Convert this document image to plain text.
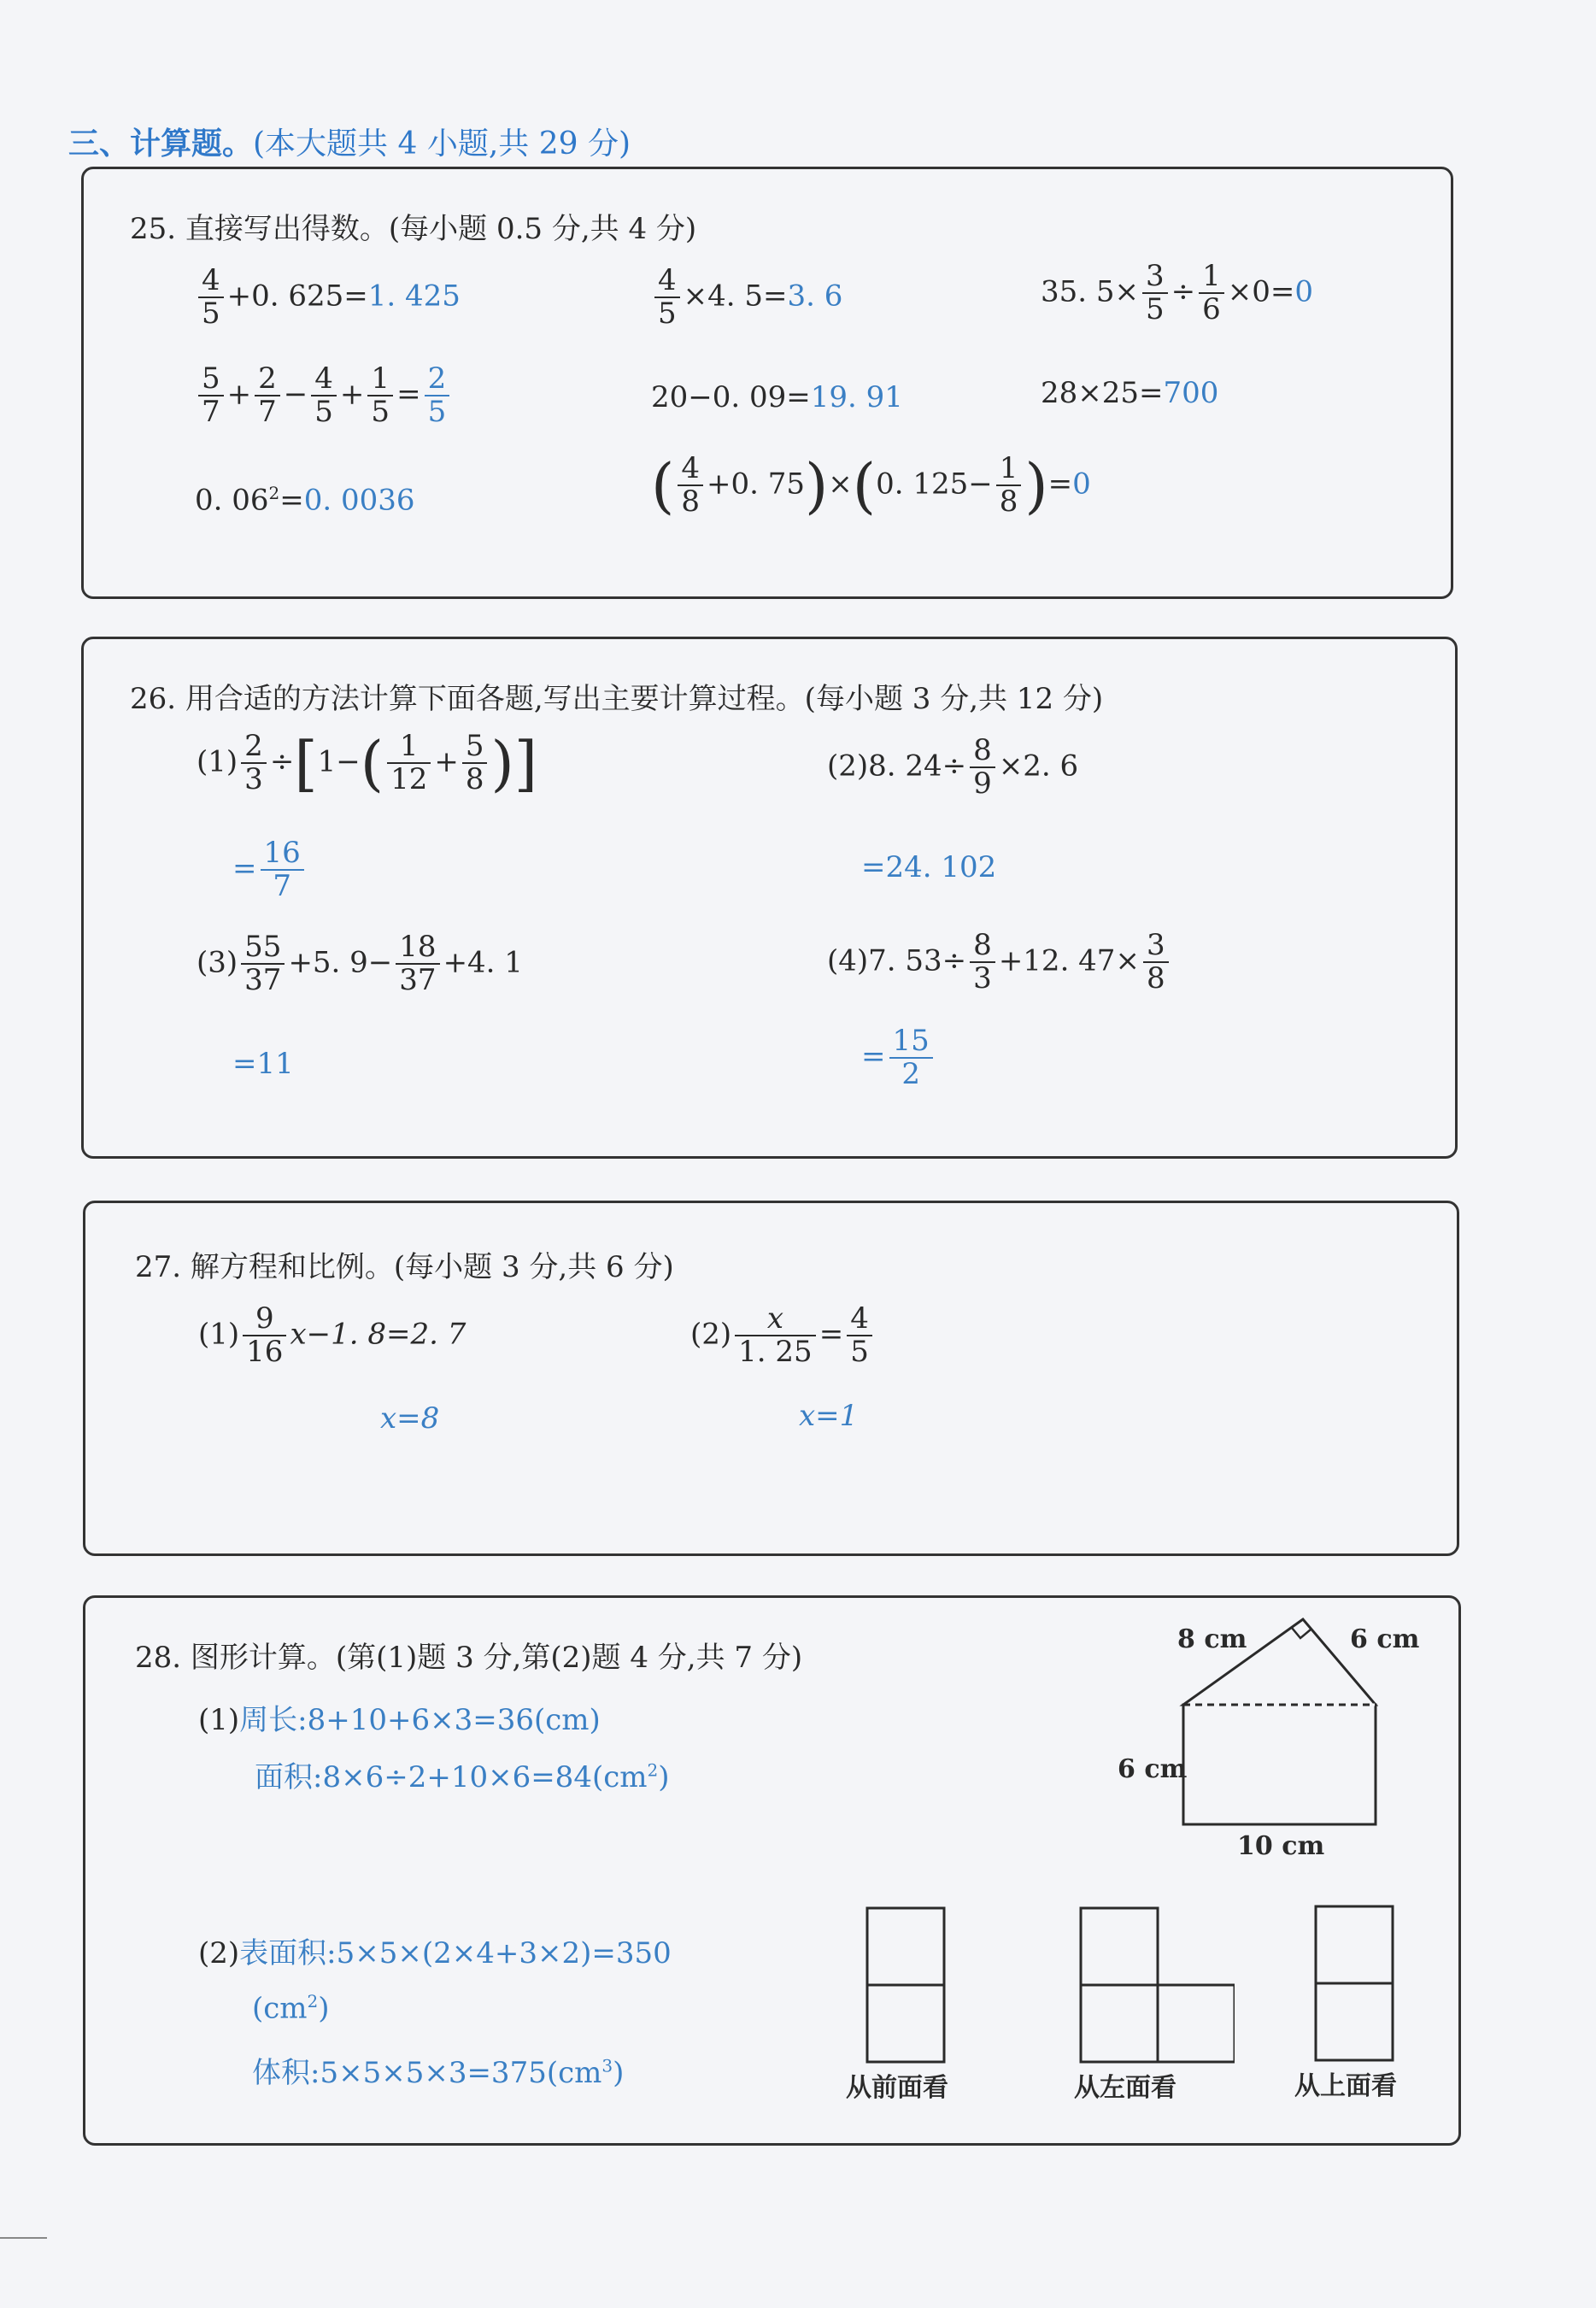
三、计算题。(本大题共 4 小题,共 29 分)
25. 直接写出得数。(每小题 0.5 分,共 4 分)
$\frac{4}{5} +0$. 625=1. 425	$\frac{4}{5} \times 4$. 5=3. 6	35. $5\times \frac{3}{5} \div \frac{1}{6} \times 0=0$
$\frac{5}{7} + \frac{2}{7} - \frac{4}{5} + \frac{1}{5} = \frac{2}{5}$	20−0. 09=19. 91	28×25=700
0. $06^2=0$. 0036	( $\frac{4}{8} +0$. 75)×(0. $125- \frac{1}{8} )=0$
26. 用合适的方法计算下面各题,写出主要计算过程。(每小题 3 分,共 12 分)
$(1) \frac{2}{3} \div[1-( \frac{1}{12} + \frac{5}{8}$ )]
= $\frac{16}{7}$
(2)8. $24\div \frac{8}{9} \times 2$. 6
=24. 102
$(3) \frac{55}{37} +5$. $9- \frac{18}{37} +4$. 1
=11
(4)7. $53\div \frac{8}{3} +12$. $47\times \frac{3}{8}$
= $\frac{15}{2}$
27. 解方程和比例。(每小题 3 分,共 6 分)
$(1) \frac{9}{16} x-1$. 8=2. 7
x=8
$(2) \frac{x}{1. 25} = \frac{4}{5}$
x=1
28. 图形计算。(第(1)题 3 分,第(2)题 4 分,共 7 分)
(1)周长:8+10+6×3=36(cm)
面积$:8\times 6\div 2+10\times 6=84(cm^2)$
(2)表面积:5×5×(2×4+3×2)=350
$(cm^2)$
体积$:5\times 5\times 5\times 3=375(cm^3)$
8 cm	6 cm
6 cm
10 cm
从前面看	从左面看	从上面看
